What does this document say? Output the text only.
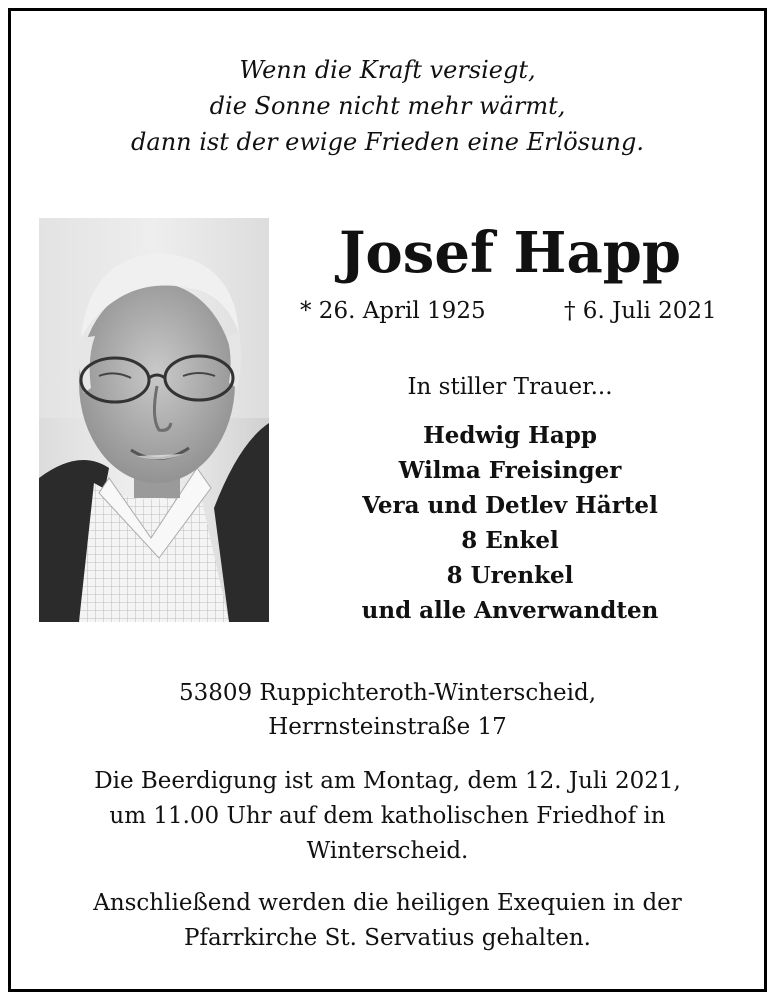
Wenn die Kraft versiegt,
die Sonne nicht mehr wärmt,
dann ist der ewige Frieden eine Erlösung.
Josef Happ
* 26. April 1925	† 6. Juli 2021
In stiller Trauer...
Hedwig Happ
Wilma Freisinger
Vera und Detlev Härtel
8 Enkel
8 Urenkel
und alle Anverwandten
53809 Ruppichteroth-Winterscheid,
Herrnsteinstraße 17
Die Beerdigung ist am Montag, dem 12. Juli 2021,
um 11.00 Uhr auf dem katholischen Friedhof in
Winterscheid.
Anschließend werden die heiligen Exequien in der
Pfarrkirche St. Servatius gehalten.
